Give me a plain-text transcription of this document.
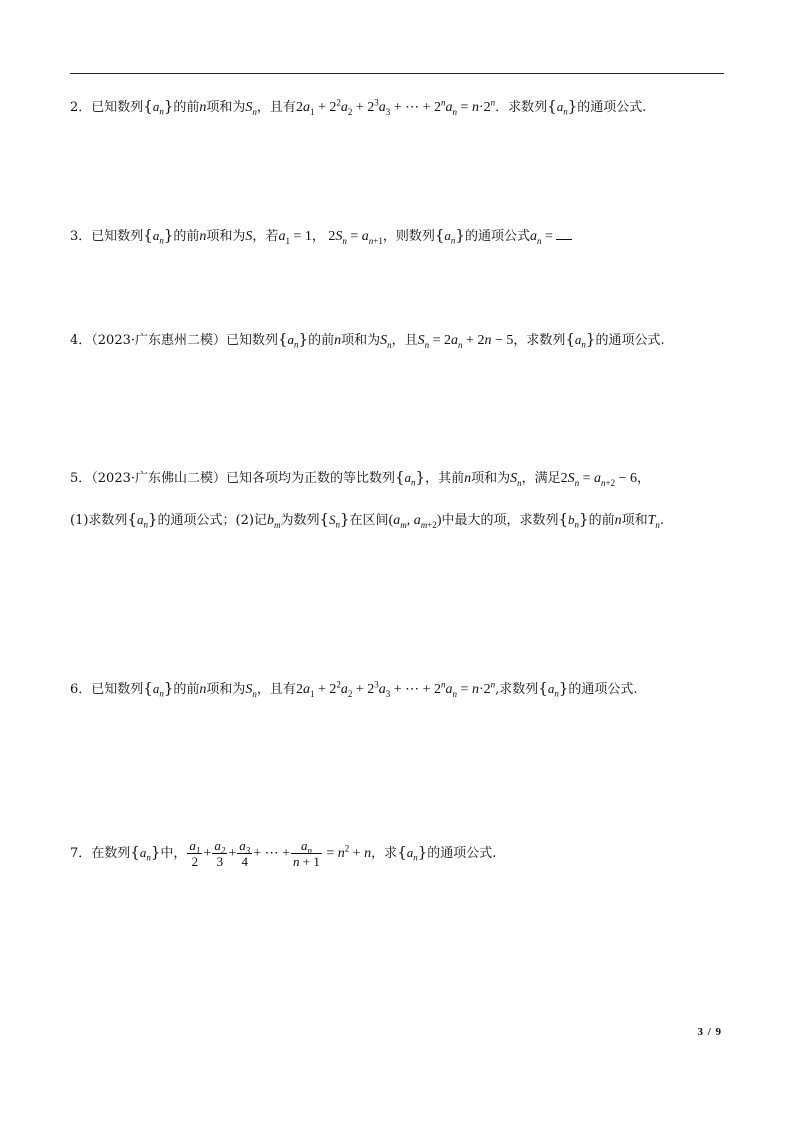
2．已知数列$\{a_n\}$的前n项和为$S_n$，且有$2a_1 + 2^2a_2 + 2^3a_3$ + ⋯ + $2^na_n = n\cdot 2^n$．求数列$\{a_n\}$的通项公式.
3．已知数列$\{a_n\}$的前n项和为S，若$a_1 = 1$， $2S_n = a_{n+1}$，则数列$\{a_n\}$的通项公式$a_n$ =
4．（2023·广东惠州二模）已知数列$\{a_n\}$的前n项和为$S_n$，且$S_n = 2a_n + 2n - 5$，求数列$\{a_n\}$的通项公式.
5．（2023·广东佛山二模）已知各项均为正数的等比数列$\{a_n\}$，其前n项和为$S_n$，满足$2S_n = a_{n+2} - 6$，
(1)求数列$\{a_n\}$的通项公式；(2)记$b_m$为数列$\{S_n\}$在区间($a_m$, $a_{m+2}$)中最大的项，求数列$\{b_n\}$的前n项和$T_n$.
6．已知数列$\{a_n\}$的前n项和为$S_n$，且有$2a_1 + 2^2a_2 + 2^3a_3$ + ⋯ + $2^na_n = n\cdot 2^n$,求数列$\{a_n\}$的通项公式.
7．在数列$\{a_n\}$中， $\frac{a_1}{2} + \frac{a_2}{3} + \frac{a_3}{4}$ + ⋯ + $\frac{a_n}{n + 1} = n^2 + n$，求$\{a_n\}$的通项公式.
3 / 9
